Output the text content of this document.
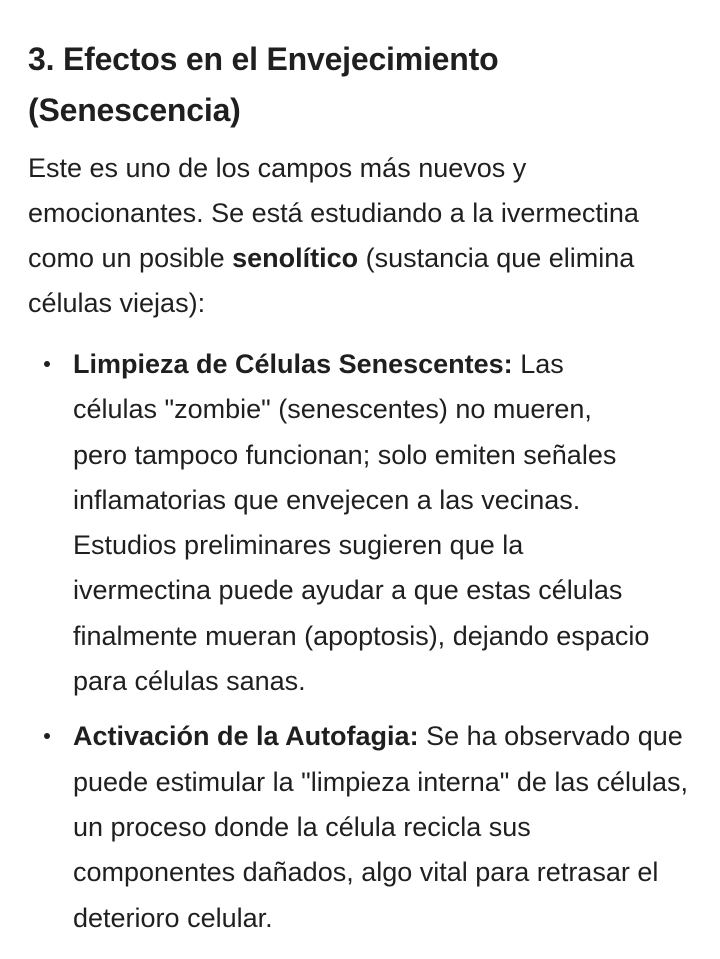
3. Efectos en el Envejecimiento (Senescencia)

Este es uno de los campos más nuevos y emocionantes. Se está estudiando a la ivermectina como un posible senolítico (sustancia que elimina células viejas):

Limpieza de Células Senescentes: Las células "zombie" (senescentes) no mueren, pero tampoco funcionan; solo emiten señales inflamatorias que envejecen a las vecinas. Estudios preliminares sugieren que la ivermectina puede ayudar a que estas células finalmente mueran (apoptosis), dejando espacio para células sanas.
Activación de la Autofagia: Se ha observado que puede estimular la "limpieza interna" de las células, un proceso donde la célula recicla sus componentes dañados, algo vital para retrasar el deterioro celular.
